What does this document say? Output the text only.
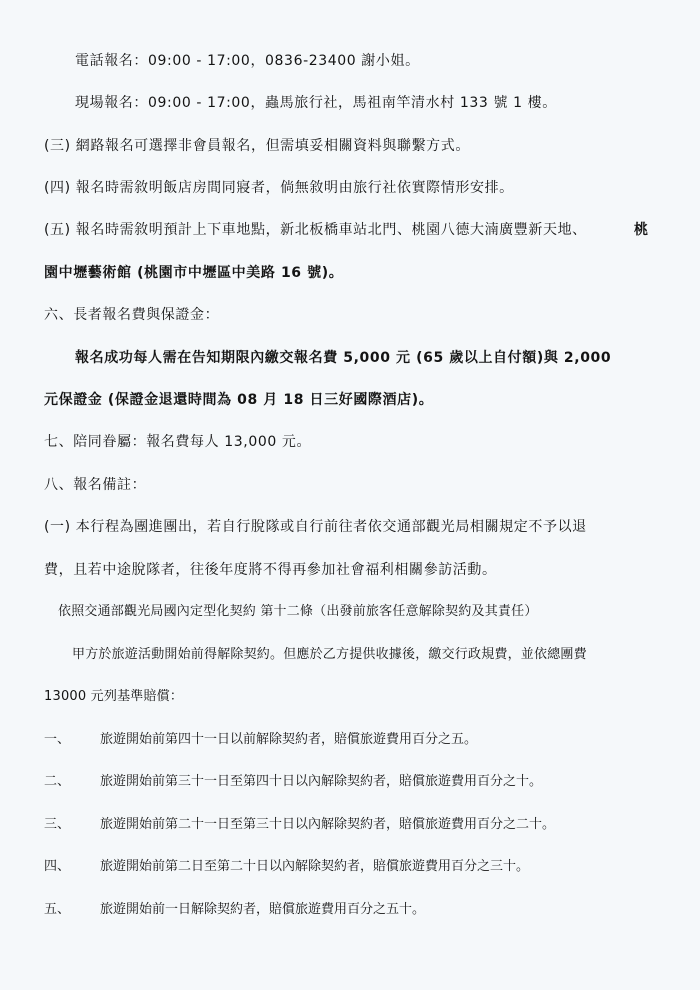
電話報名：09:00 - 17:00，0836-23400 謝小姐。
現場報名：09:00 - 17:00，蟲馬旅行社，馬祖南竿清水村 133 號 1 樓。
(三) 網路報名可選擇非會員報名，但需填妥相關資料與聯繫方式。
(四) 報名時需敘明飯店房間同寢者，倘無敘明由旅行社依實際情形安排。
(五) 報名時需敘明預計上下車地點，新北板橋車站北門、桃園八德大湳廣豐新天地、	桃
園中壢藝術館 (桃園市中壢區中美路 16 號)。
六、長者報名費與保證金：
報名成功每人需在告知期限內繳交報名費 5,000 元 (65 歲以上自付額)與 2,000
元保證金 (保證金退還時間為 08 月 18 日三好國際酒店)。
七、陪同眷屬：報名費每人 13,000 元。
八、報名備註：
(一) 本行程為團進團出，若自行脫隊或自行前往者依交通部觀光局相關規定不予以退
費，且若中途脫隊者，往後年度將不得再參加社會福利相關參訪活動。
依照交通部觀光局國內定型化契約 第十二條（出發前旅客任意解除契約及其責任）
甲方於旅遊活動開始前得解除契約。但應於乙方提供收據後，繳交行政規費，並依總團費
13000 元列基準賠償：
一、 旅遊開始前第四十一日以前解除契約者，賠償旅遊費用百分之五。
二、 旅遊開始前第三十一日至第四十日以內解除契約者，賠償旅遊費用百分之十。
三、 旅遊開始前第二十一日至第三十日以內解除契約者，賠償旅遊費用百分之二十。
四、 旅遊開始前第二日至第二十日以內解除契約者，賠償旅遊費用百分之三十。
五、 旅遊開始前一日解除契約者，賠償旅遊費用百分之五十。
